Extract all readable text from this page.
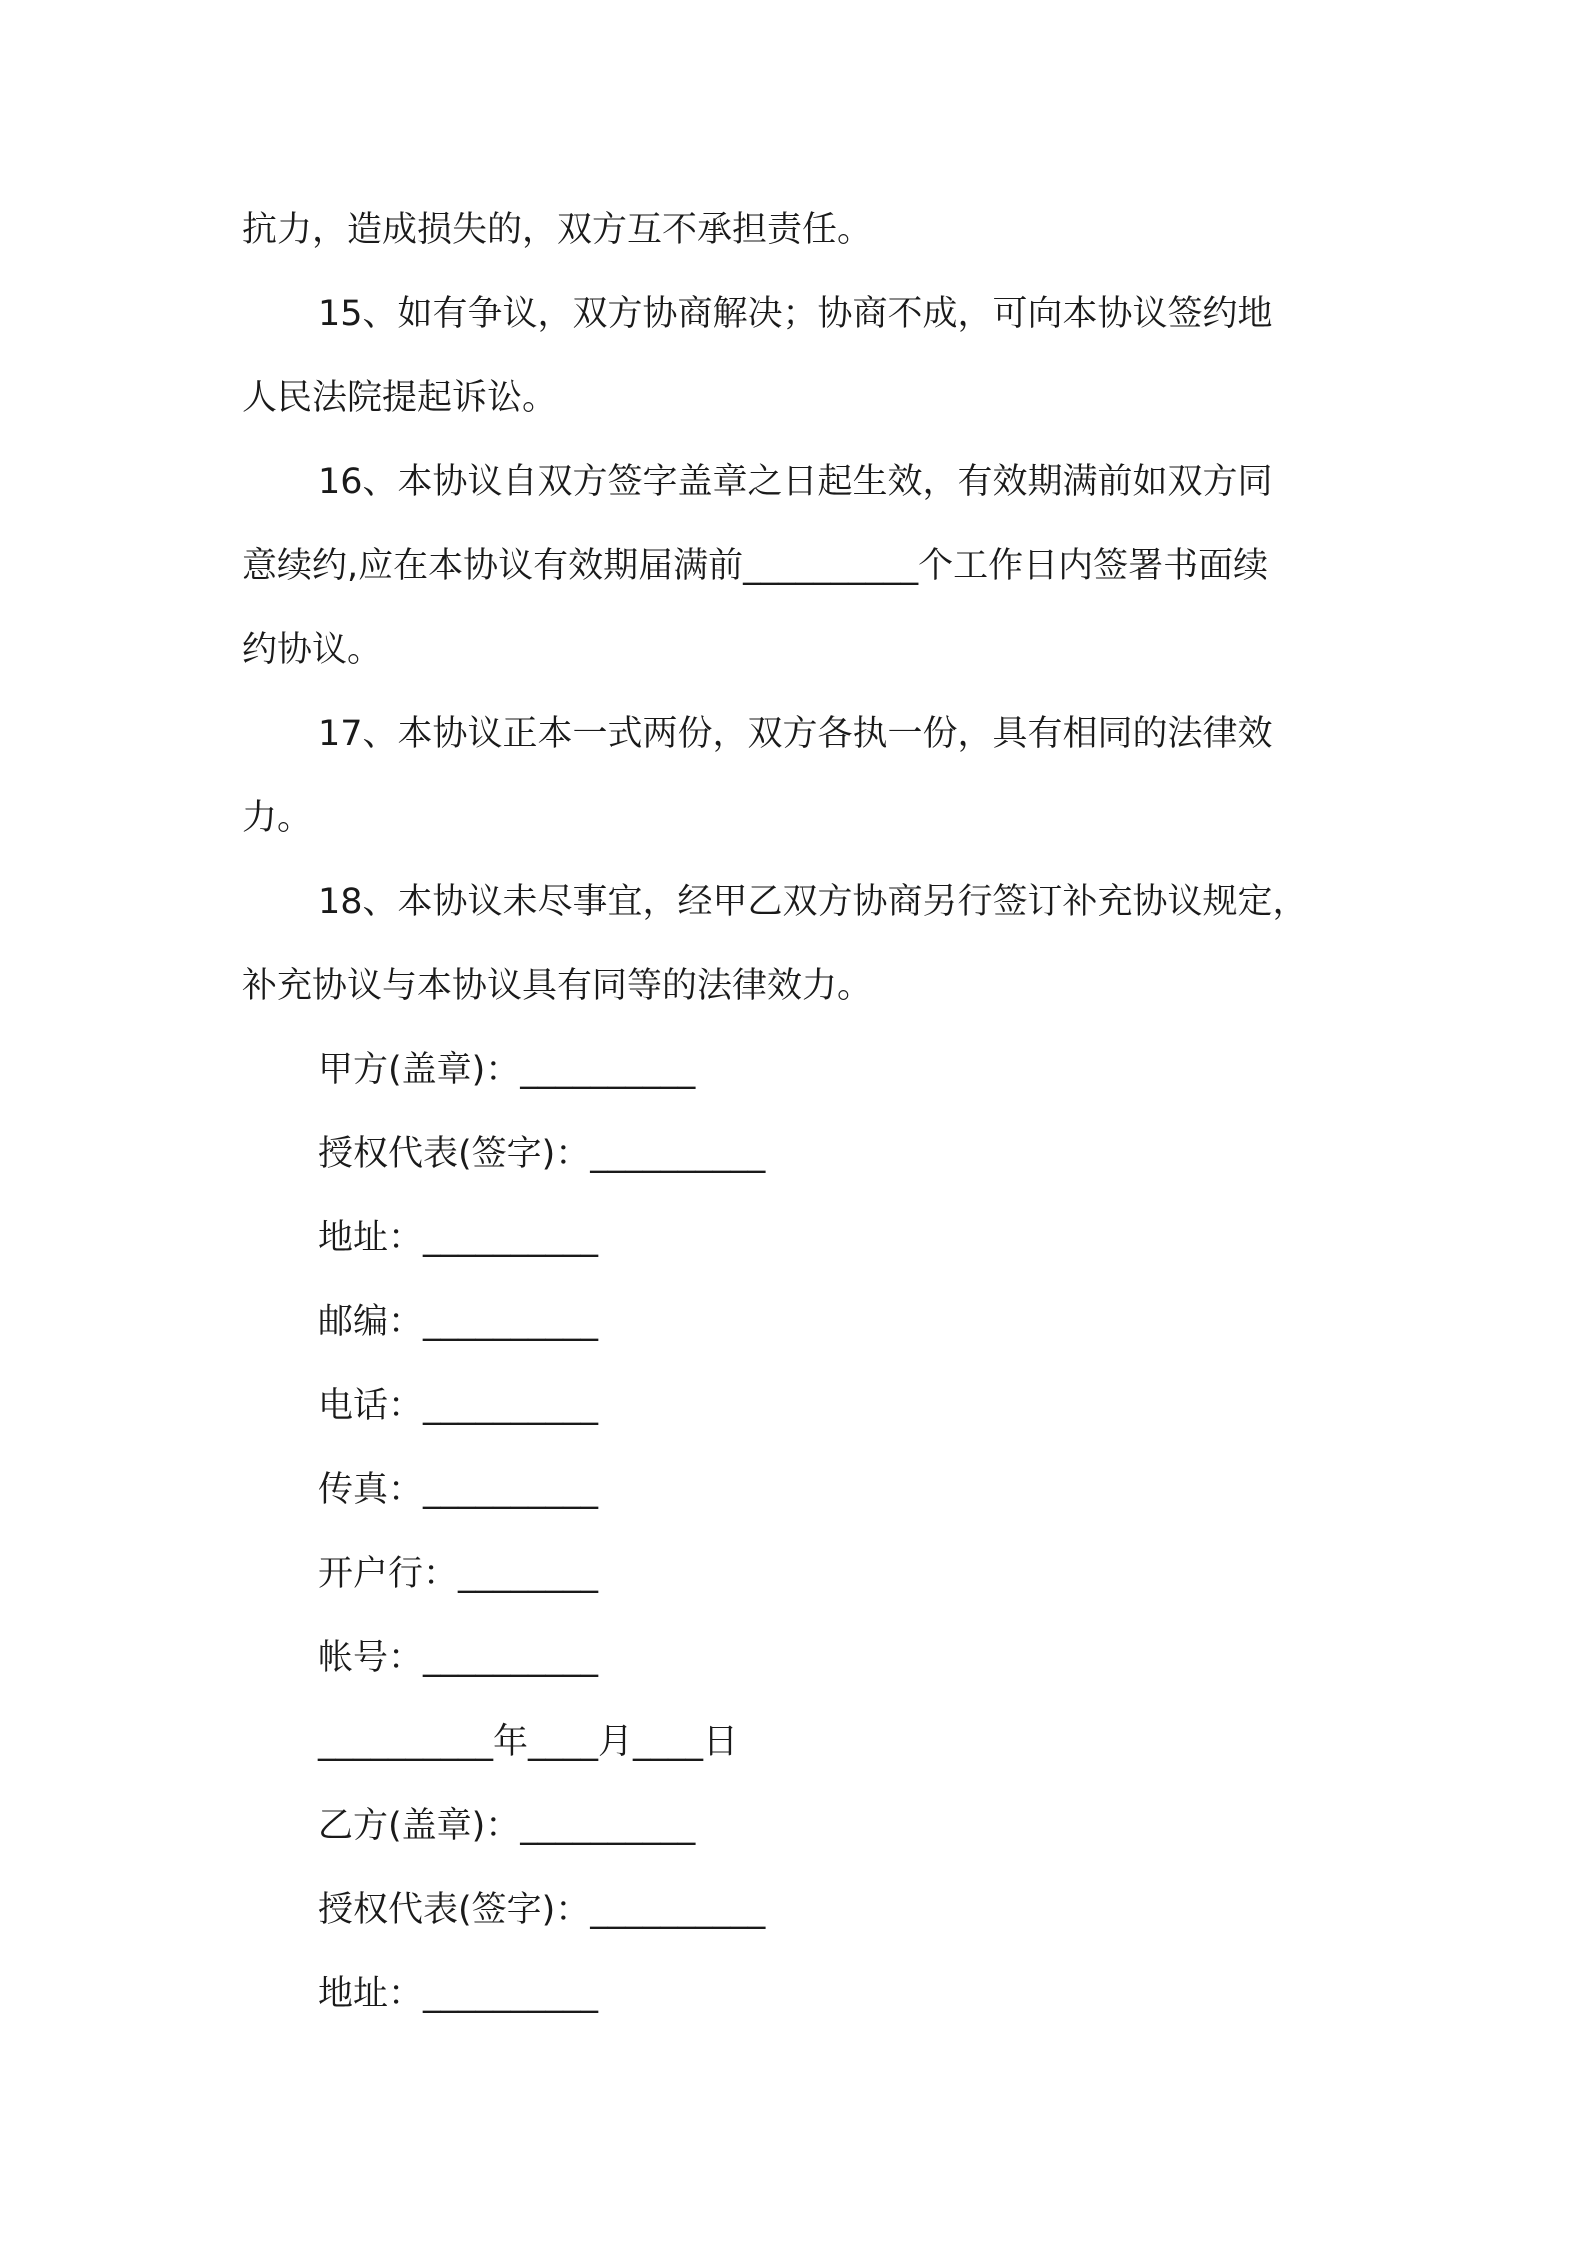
抗力，造成损失的，双方互不承担责任。
15、如有争议，双方协商解决；协商不成，可向本协议签约地
人民法院提起诉讼。
16、本协议自双方签字盖章之日起生效，有效期满前如双方同
意续约,应在本协议有效期届满前__________个工作日内签署书面续
约协议。
17、本协议正本一式两份，双方各执一份，具有相同的法律效
力。
18、本协议未尽事宜，经甲乙双方协商另行签订补充协议规定，
补充协议与本协议具有同等的法律效力。
甲方(盖章)：__________
授权代表(签字)：__________
地址：__________
邮编：__________
电话：__________
传真：__________
开户行：________
帐号：__________
__________年____月____日
乙方(盖章)：__________
授权代表(签字)：__________
地址：__________
